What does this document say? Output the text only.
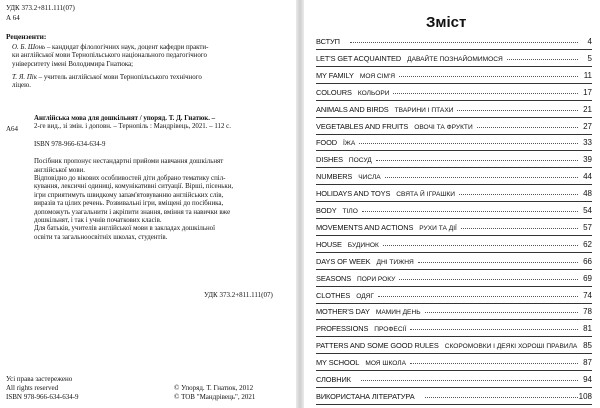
УДК 373.2+811.111(07)
А 64
Рецензенти:
О. Б. Шонь – кандидат філологічних наук, доцент кафедри практи-
ки англійської мови Тернопільського національного педагогічного
університету імені Володимира Гнатюка;
Т. Я. Пік – учитель англійської мови Тернопільського технічного
ліцею.
А64
Англійська мова для дошкільнят / упоряд. Т. Д. Гнатюк. –
2-ге вид., зі змін. і доповн. – Тернопіль : Мандрівець, 2021. – 112 с.
ISBN 978-966-634-634-9
Посібник пропонує нестандартні прийоми навчання дошкільнят
англійської мови.
Відповідно до вікових особливостей діти добрано тематику спіл-
кування, лексичні одиниці, комунікативні ситуації. Вірші, пісеньки,
ігри сприятимуть швидкому запам'ятовуванню англійських слів,
виразів та цілих речень. Розвивальні ігри, вміщені до посібника,
допоможуть узагальнити і акріпити знання, вміння та навички вже
дошкільнят, і так і учнів початкових класів.
Для батьків, учителів англійської мови в закладах дошкільної
освіти та загальноосвітніх школах, студентів.
УДК 373.2+811.111(07)
Усі права застережено
All rights reserved
ISBN 978-966-634-634-9
© Упоряд. Т. Гнатюк, 2012
© ТОВ "Мандрівець", 2021
Зміст
ВСТУП	4
LET'S GET ACQUAINTED ДАВАЙТЕ ПОЗНАЙОМИМОСЯ	5
MY FAMILY МОЯ СІМ'Я	11
COLOURS КОЛЬОРИ	17
ANIMALS AND BIRDS ТВАРИНИ І ПТАХИ	21
VEGETABLES AND FRUITS ОВОЧІ ТА ФРУКТИ	27
FOOD ЇЖА	33
DISHES ПОСУД	39
NUMBERS ЧИСЛА	44
HOLIDAYS AND TOYS СВЯТА Й ІГРАШКИ	48
BODY ТІЛО	54
MOVEMENTS AND ACTIONS РУХИ ТА ДІЇ	57
HOUSE БУДИНОК	62
DAYS OF WEEK ДНІ ТИЖНЯ	66
SEASONS ПОРИ РОКУ	69
CLOTHES ОДЯГ	74
MOTHER'S DAY МАМИН ДЕНЬ	78
PROFESSIONS ПРОФЕСІЇ	81
PATTERS AND SOME GOOD RULES СКОРОМОВКИ І ДЕЯКІ ХОРОШІ ПРАВИЛА 85
MY SCHOOL МОЯ ШКОЛА	87
СЛОВНИК	94
ВИКОРИСТАНА ЛІТЕРАТУРА	108
